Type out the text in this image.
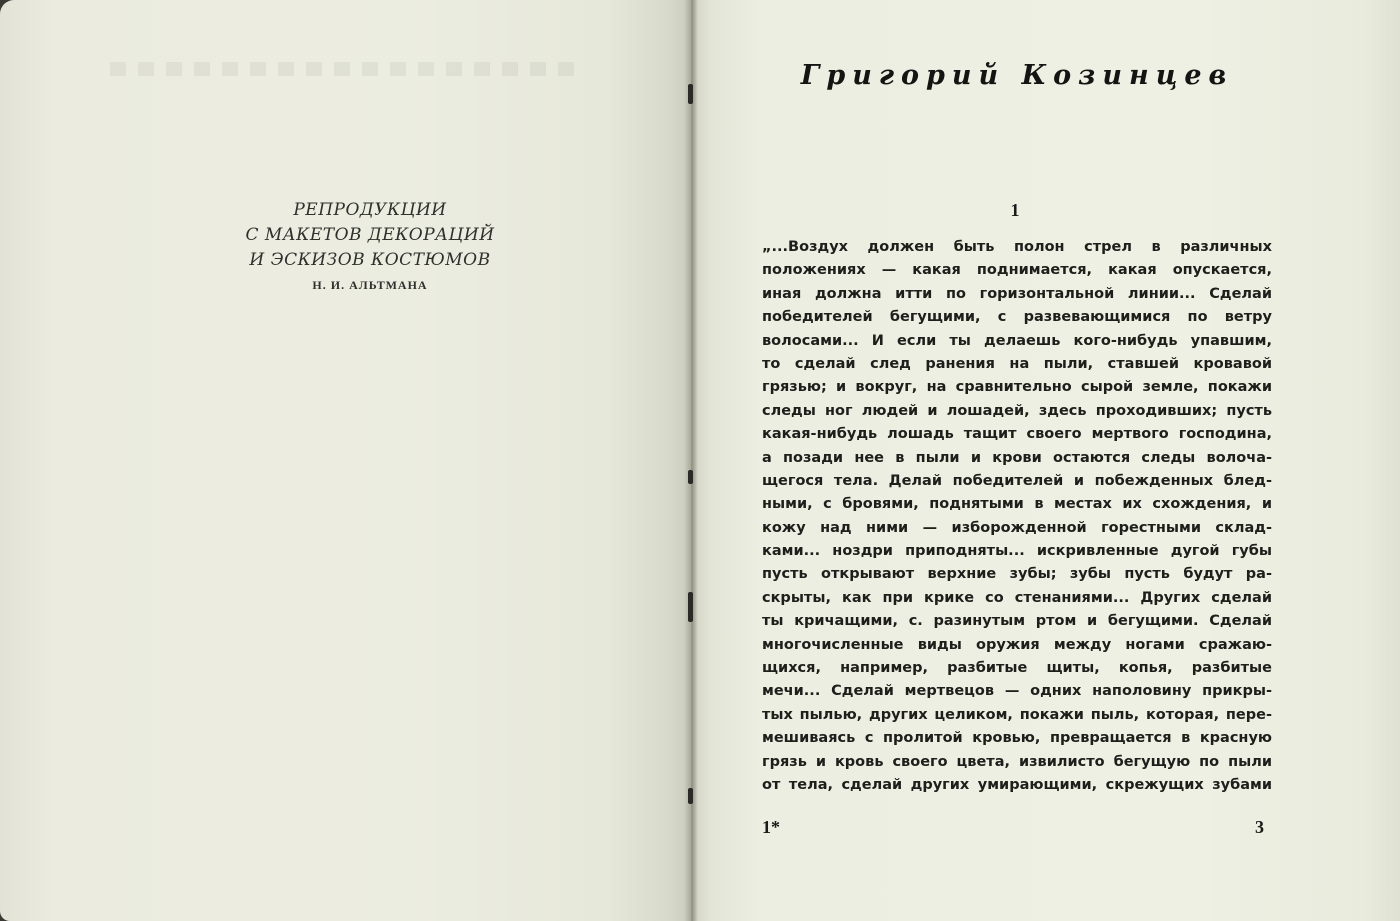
РЕПРОДУКЦИИ

С МАКЕТОВ ДЕКОРАЦИЙ

И ЭСКИЗОВ КОСТЮМОВ

Н. И. АЛЬТМАНА

Григорий Козинцев

1

„...Воздух должен быть полон стрел в различных
положениях — какая поднимается, какая опускается,
иная должна итти по горизонтальной линии... Сделай
победителей бегущими, с развевающимися по ветру
волосами... И если ты делаешь кого-нибудь упавшим,
то сделай след ранения на пыли, ставшей кровавой
грязью; и вокруг, на сравнительно сырой земле, покажи
следы ног людей и лошадей, здесь проходивших; пусть
какая-нибудь лошадь тащит своего мертвого господина,
а позади нее в пыли и крови остаются следы волоча-
щегося тела. Делай победителей и побежденных блед-
ными, с бровями, поднятыми в местах их схождения, и
кожу над ними — изборожденной горестными склад-
ками... ноздри приподняты... искривленные дугой губы
пусть открывают верхние зубы; зубы пусть будут ра-
скрыты, как при крике со стенаниями... Других сделай
ты кричащими, с. разинутым ртом и бегущими. Сделай
многочисленные виды оружия между ногами сражаю-
щихся, например, разбитые щиты, копья, разбитые
мечи... Сделай мертвецов — одних наполовину прикры-
тых пылью, других целиком, покажи пыль, которая, пере-
мешиваясь с пролитой кровью, превращается в красную
грязь и кровь своего цвета, извилисто бегущую по пыли
от тела, сделай других умирающими, скрежущих зубами

1*	3
